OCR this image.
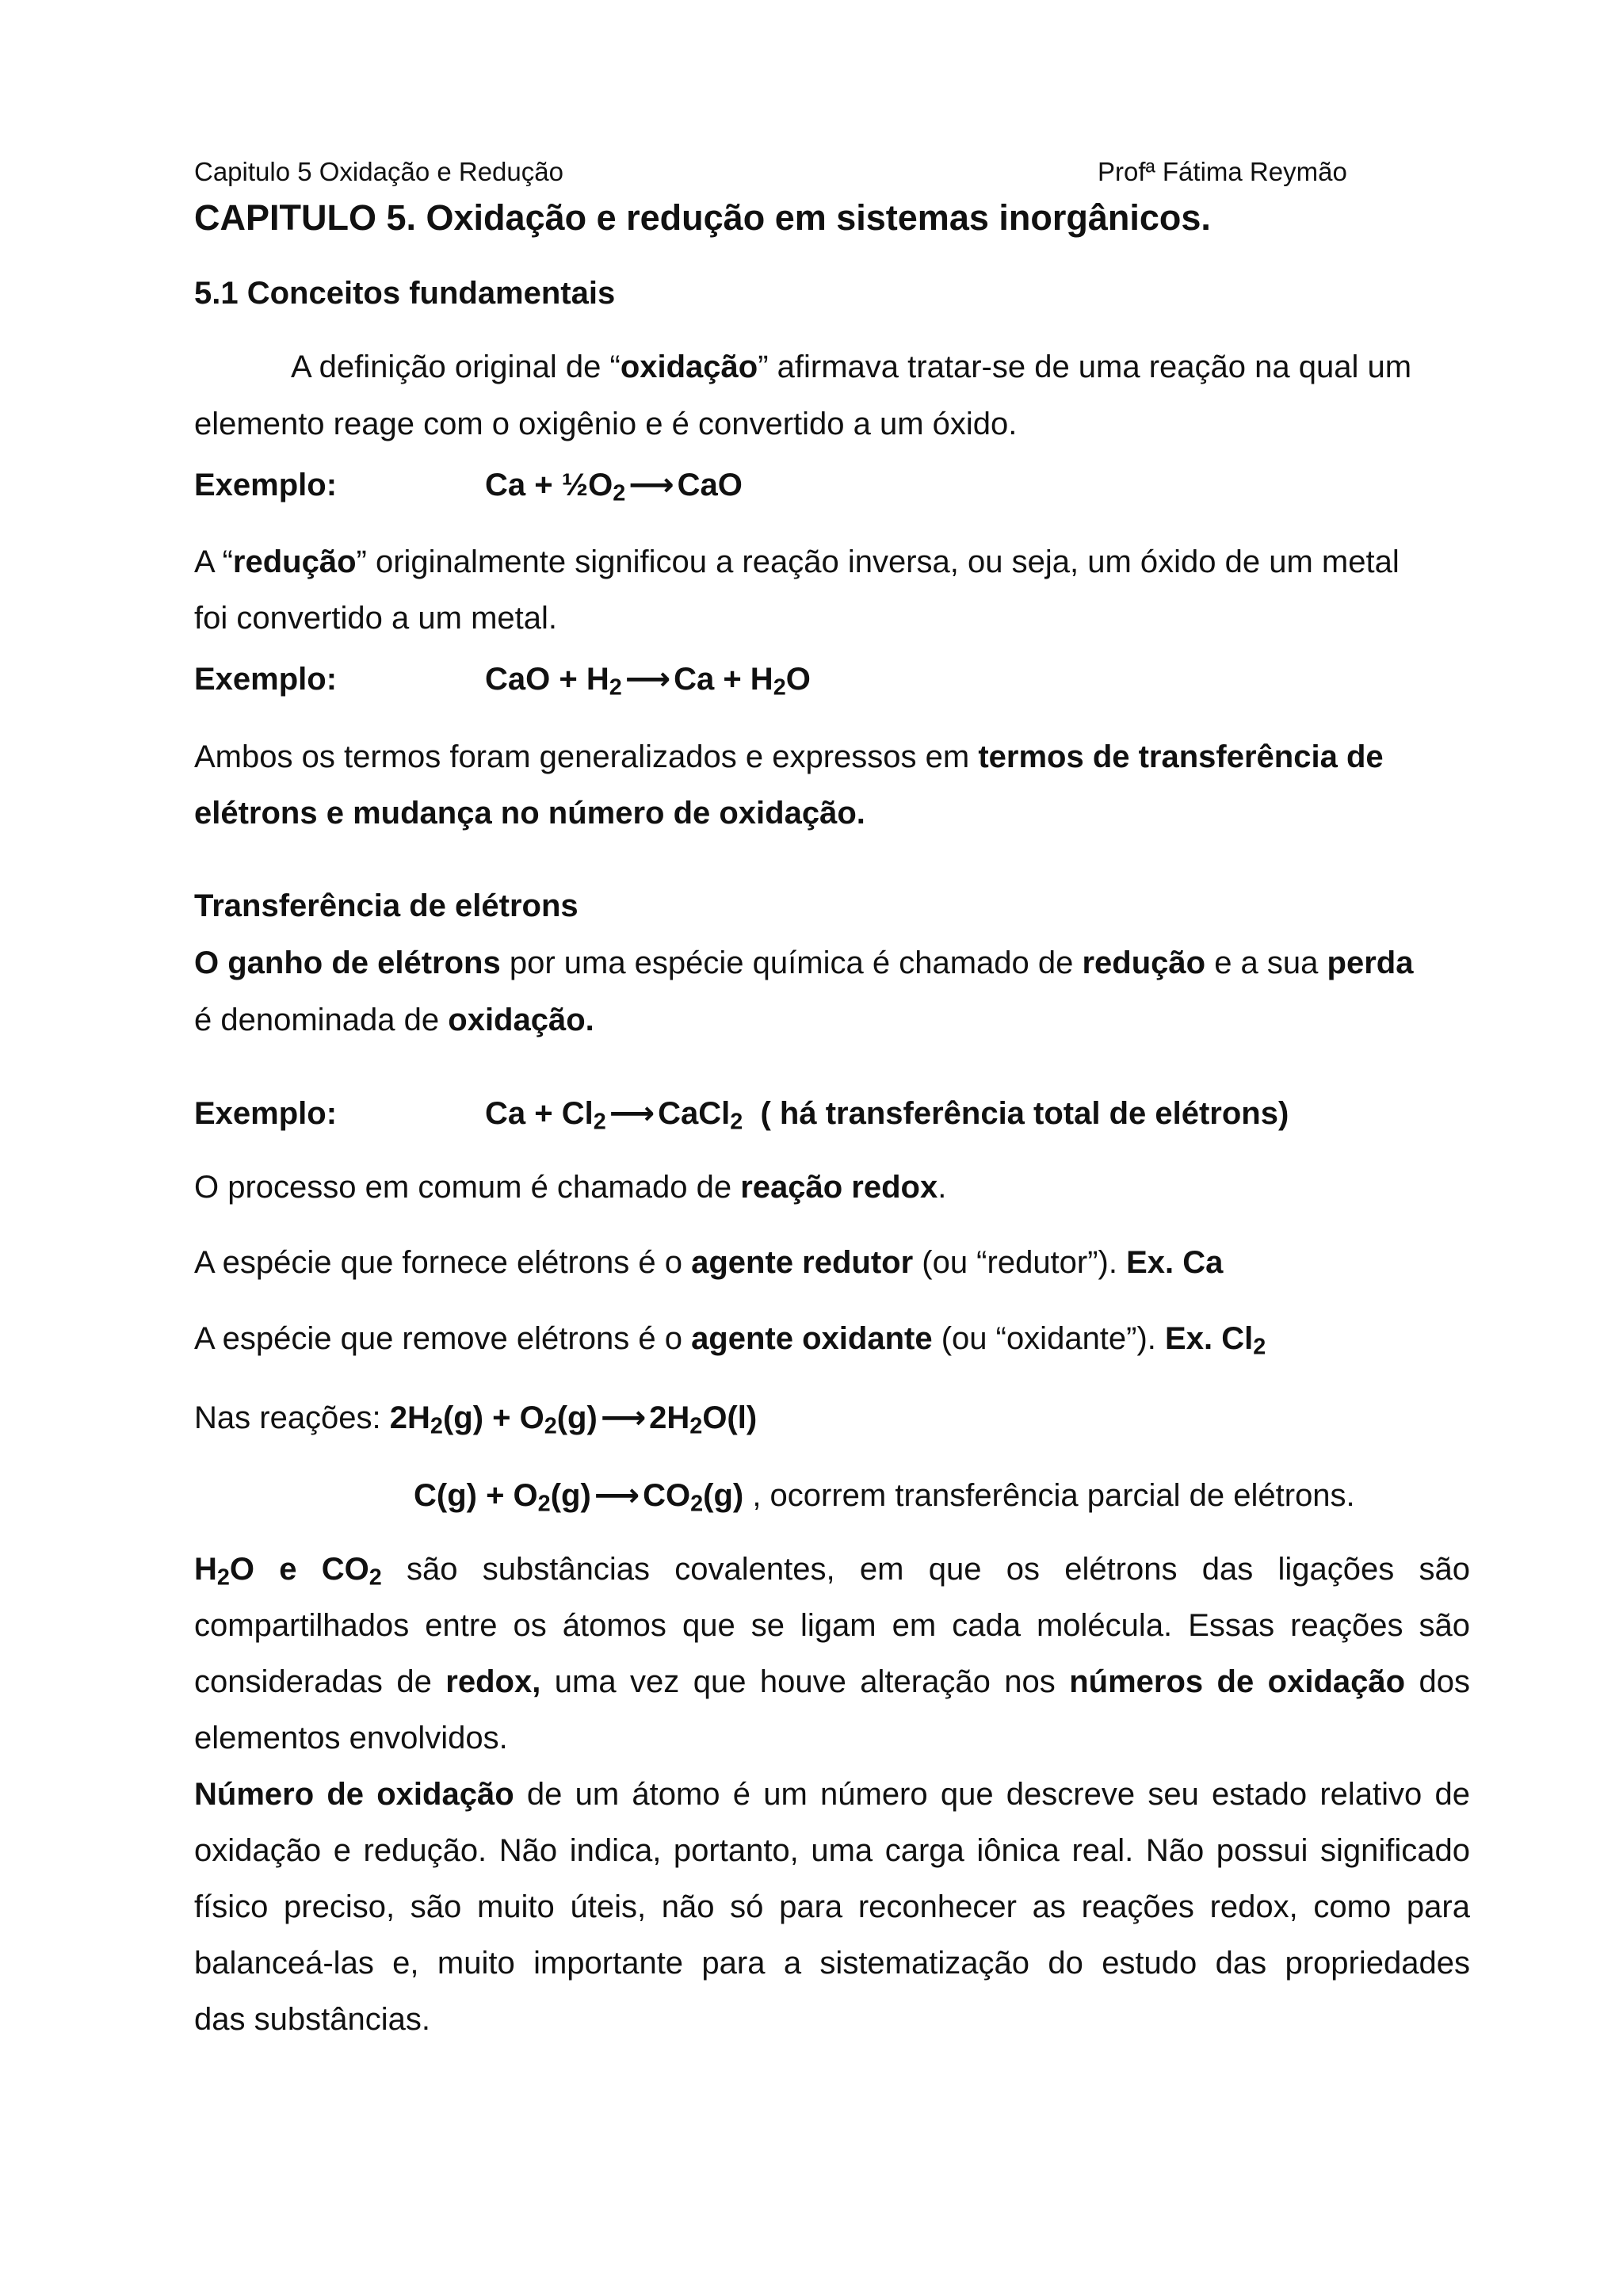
Capitulo 5 Oxidação e Redução	Profª Fátima Reymão
CAPITULO 5. Oxidação e redução em sistemas inorgânicos.
5.1 Conceitos fundamentais
A definição original de “oxidação” afirmava tratar-se de uma reação na qual um
elemento reage com o oxigênio e é convertido a um óxido.
Exemplo:	$Ca + \frac{1}{2}O_2$ ⟶ CaO
A “redução” originalmente significou a reação inversa, ou seja, um óxido de um metal
foi convertido a um metal.
Exemplo:	CaO + $H_2$ ⟶ $Ca + H_2O$
Ambos os termos foram generalizados e expressos em termos de transferência de
elétrons e mudança no número de oxidação.
Transferência de elétrons
O ganho de elétrons por uma espécie química é chamado de redução e a sua perda
é denominada de oxidação.
Exemplo:	$Ca + Cl_2$ ⟶ CaCl$_2$ ( há transferência total de elétrons)
O processo em comum é chamado de reação redox.
A espécie que fornece elétrons é o agente redutor (ou “redutor”). Ex. Ca
A espécie que remove elétrons é o agente oxidante (ou “oxidante”). Ex. $Cl_2$
Nas reações: $2H_2(g) + O_2(g)$ ⟶ $2H_2O(l)$
$C(g) + O_2(g)$ ⟶ $CO_2(g)$ , ocorrem transferência parcial de elétrons.
$H_2O$ e $CO_2$ são substâncias covalentes, em que os elétrons das ligações são
compartilhados entre os átomos que se ligam em cada molécula. Essas reações são
consideradas de redox, uma vez que houve alteração nos números de oxidação dos
elementos envolvidos.
Número de oxidação de um átomo é um número que descreve seu estado relativo de
oxidação e redução. Não indica, portanto, uma carga iônica real. Não possui significado
físico preciso, são muito úteis, não só para reconhecer as reações redox, como para
balanceá-las e, muito importante para a sistematização do estudo das propriedades
das substâncias.
